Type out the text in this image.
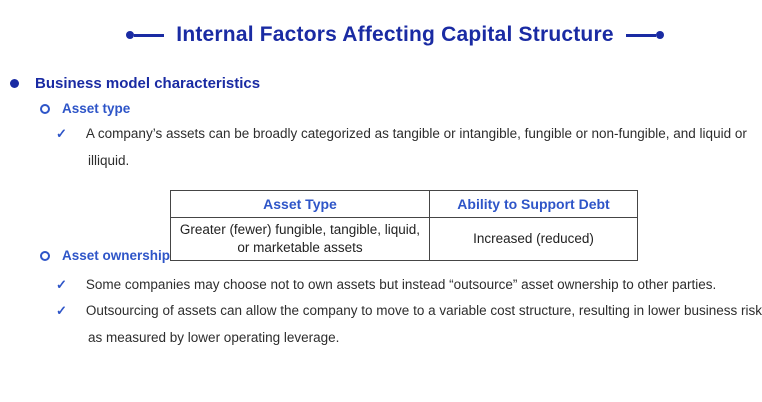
Internal Factors Affecting Capital Structure
Business model characteristics
Asset type
✓ A company’s assets can be broadly categorized as tangible or intangible, fungible or non-fungible, and liquid or
illiquid.
Asset Type	Ability to Support Debt
Greater (fewer) fungible, tangible, liquid, or marketable assets	Increased (reduced)
Asset ownership
✓ Some companies may choose not to own assets but instead “outsource” asset ownership to other parties.
✓ Outsourcing of assets can allow the company to move to a variable cost structure, resulting in lower business risk
as measured by lower operating leverage.
